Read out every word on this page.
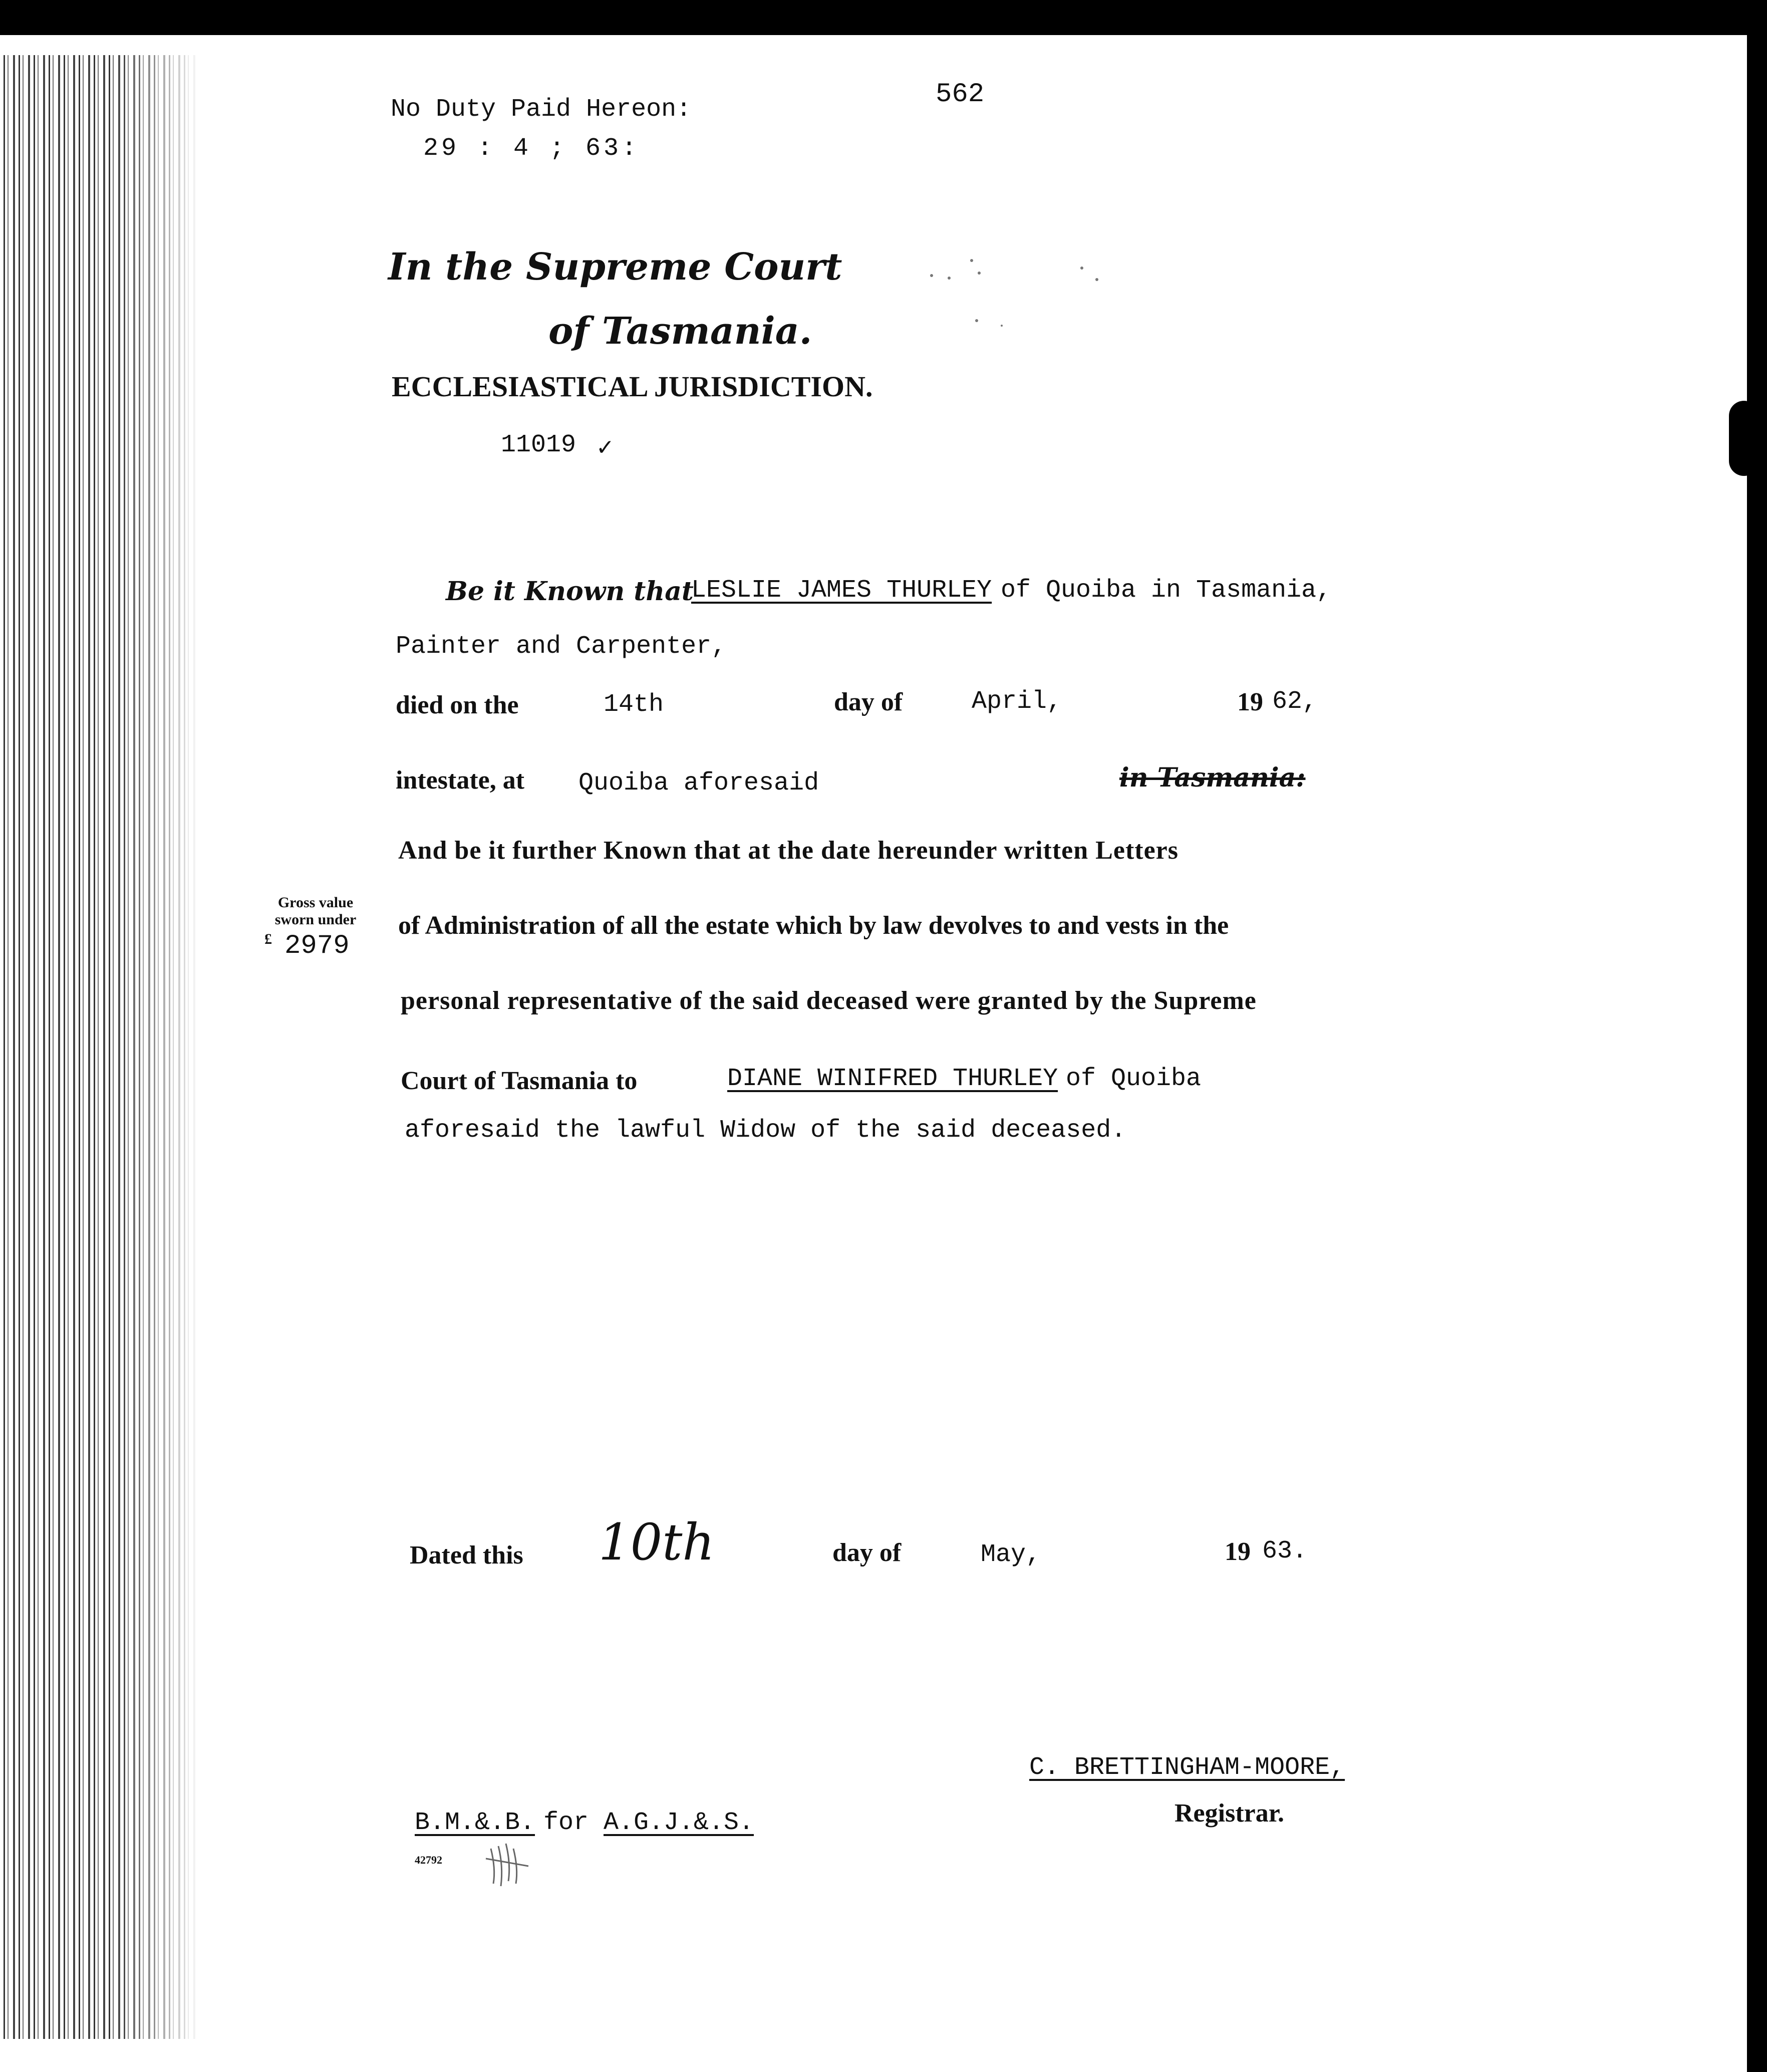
No Duty Paid Hereon:
29 : 4 ; 63:
562
In the Supreme Court
of Tasmania.
ECCLESIASTICAL JURISDICTION.
11019 ✓
Be it Known that
LESLIE JAMES THURLEY of Quoiba in Tasmania,
Painter and Carpenter,
died on the	14th	day of	April,	19 62,
intestate, at Quoiba aforesaid	in Tasmania:
And be it further Known that at the date hereunder written Letters
of Administration of all the estate which by law devolves to and vests in the
personal representative of the said deceased were granted by the Supreme
Court of Tasmania to	DIANE WINIFRED THURLEY of Quoiba
aforesaid the lawful Widow of the said deceased.
Gross value
sworn under
£ 2979
Dated this 10th	day of	May,	19 63.
C. BRETTINGHAM-MOORE,
Registrar.
B.M.&.B. for A.G.J.&.S.
42792
